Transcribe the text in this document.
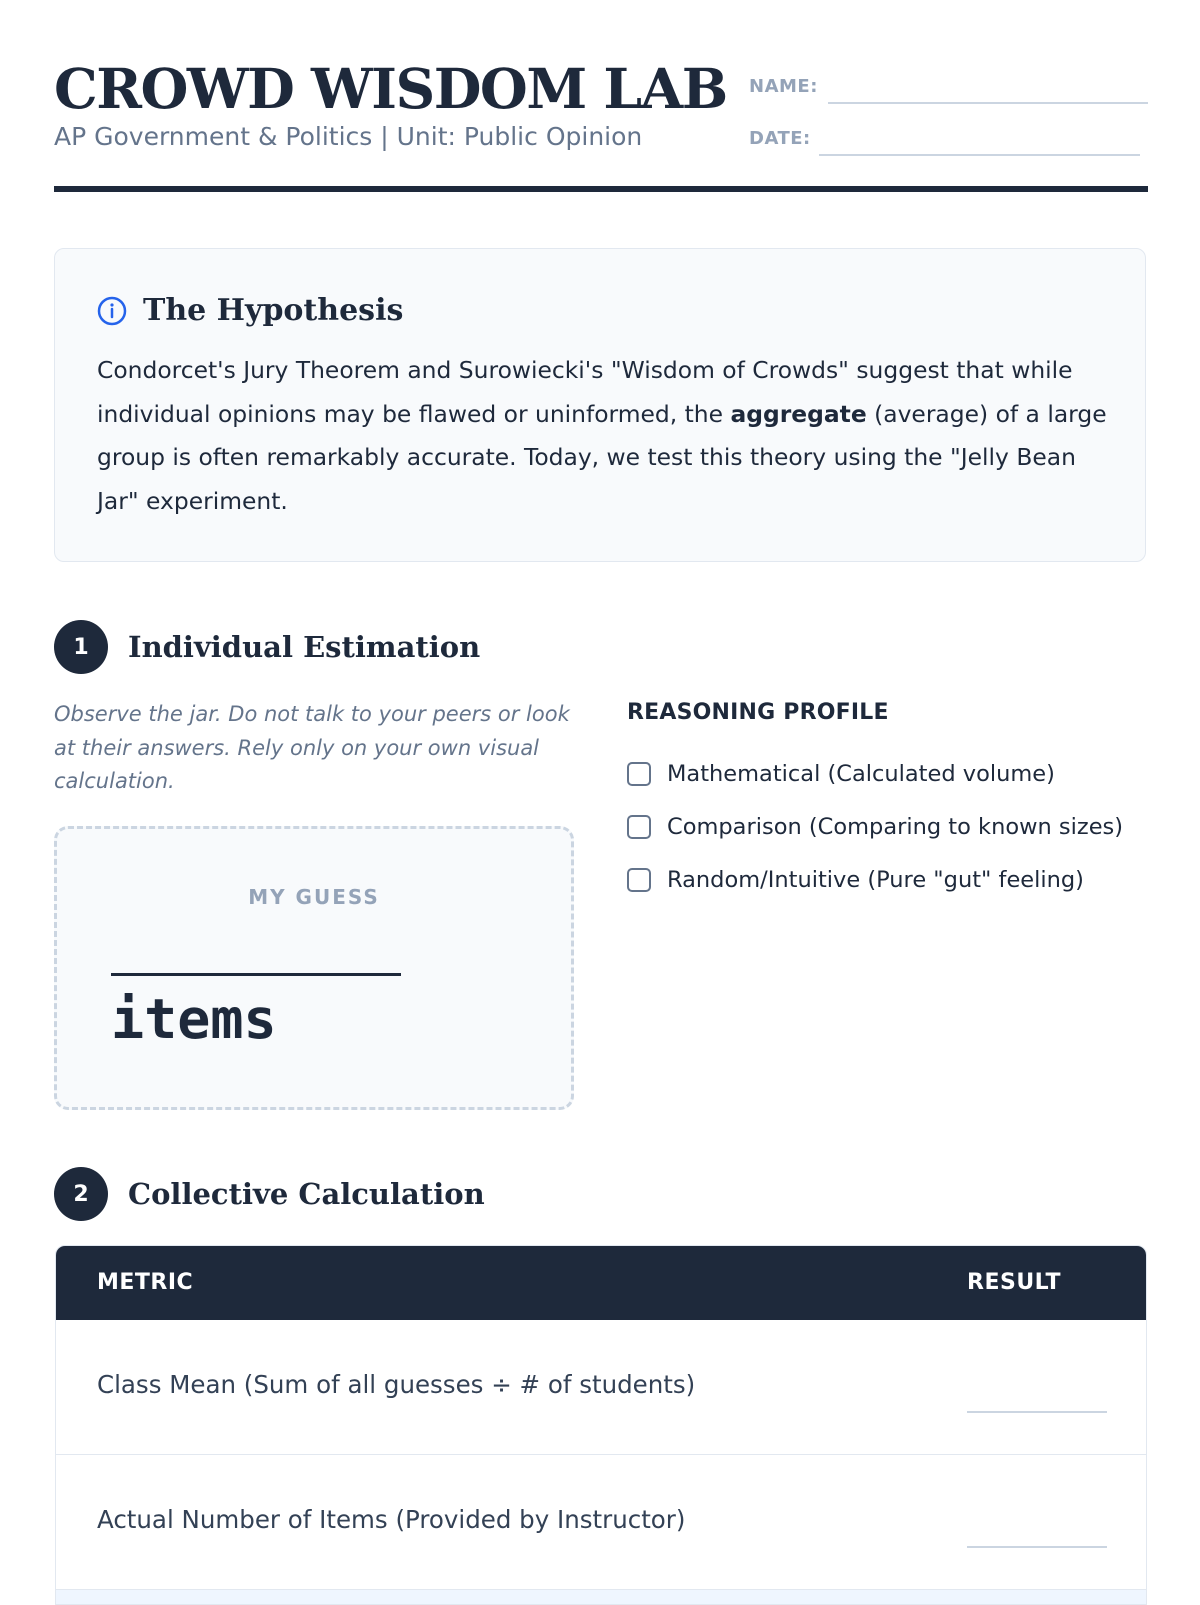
CROWD WISDOM LAB
AP Government & Politics | Unit: Public Opinion
NAME:
DATE:
The Hypothesis

Condorcet's Jury Theorem and Surowiecki's "Wisdom of Crowds" suggest that while individual opinions may be flawed or uninformed, the aggregate (average) of a large group is often remarkably accurate. Today, we test this theory using the "Jelly Bean Jar" experiment.

1	Individual Estimation
Observe the jar. Do not talk to your peers or look at their answers. Rely only on your own visual calculation.
MY GUESS
items
REASONING PROFILE
Mathematical (Calculated volume)
Comparison (Comparing to known sizes)
Random/Intuitive (Pure "gut" feeling)
2	Collective Calculation
METRIC	RESULT
Class Mean (Sum of all guesses ÷ # of students)
Actual Number of Items (Provided by Instructor)
